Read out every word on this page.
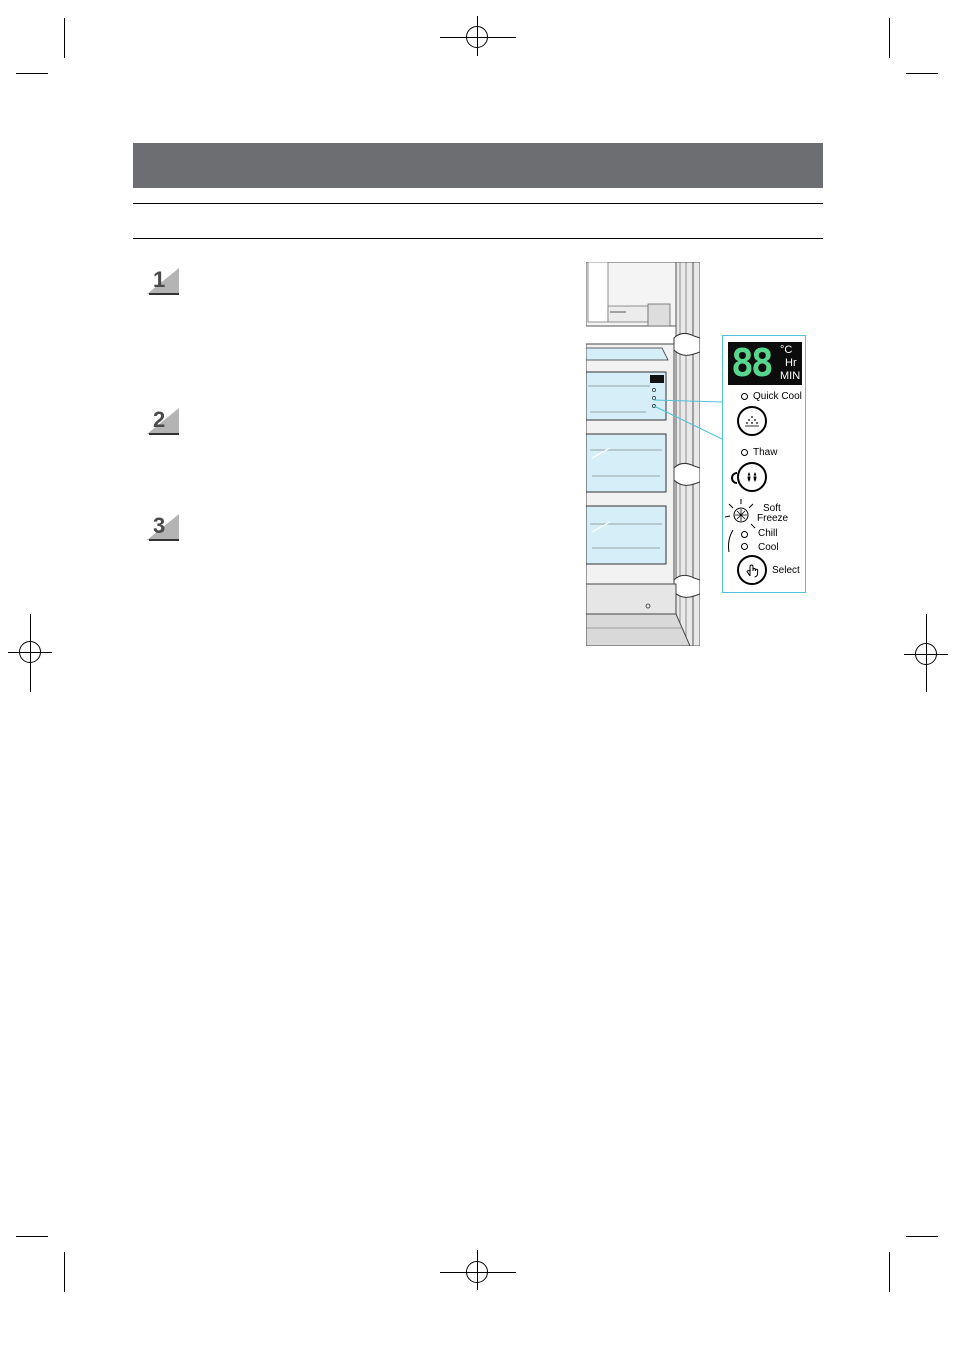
1
2
3
88 °C
Hr
MIN
Quick Cool
Thaw
Soft
Freeze
Chill
Cool
Select
